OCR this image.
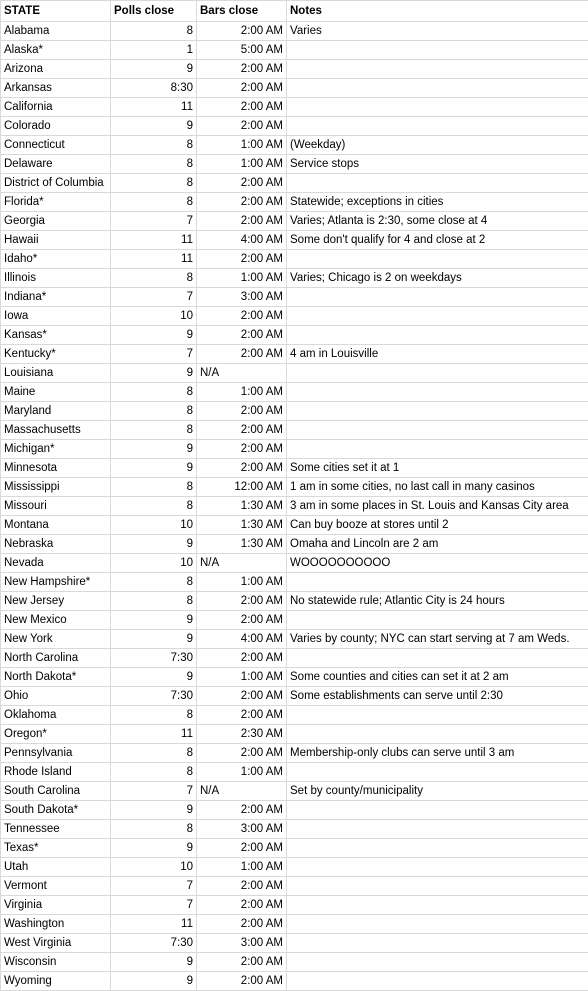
STATE	Polls close	Bars close	Notes
Alabama	8	2:00 AM	Varies
Alaska*	1	5:00 AM	
Arizona	9	2:00 AM	
Arkansas	8:30	2:00 AM	
California	11	2:00 AM	
Colorado	9	2:00 AM	
Connecticut	8	1:00 AM	(Weekday)
Delaware	8	1:00 AM	Service stops
District of Columbia	8	2:00 AM	
Florida*	8	2:00 AM	Statewide; exceptions in cities
Georgia	7	2:00 AM	Varies; Atlanta is 2:30, some close at 4
Hawaii	11	4:00 AM	Some don't qualify for 4 and close at 2
Idaho*	11	2:00 AM	
Illinois	8	1:00 AM	Varies; Chicago is 2 on weekdays
Indiana*	7	3:00 AM	
Iowa	10	2:00 AM	
Kansas*	9	2:00 AM	
Kentucky*	7	2:00 AM	4 am in Louisville
Louisiana	9	N/A	
Maine	8	1:00 AM	
Maryland	8	2:00 AM	
Massachusetts	8	2:00 AM	
Michigan*	9	2:00 AM	
Minnesota	9	2:00 AM	Some cities set it at 1
Mississippi	8	12:00 AM	1 am in some cities, no last call in many casinos
Missouri	8	1:30 AM	3 am in some places in St. Louis and Kansas City area
Montana	10	1:30 AM	Can buy booze at stores until 2
Nebraska	9	1:30 AM	Omaha and Lincoln are 2 am
Nevada	10	N/A	WOOOOOOOOOO
New Hampshire*	8	1:00 AM	
New Jersey	8	2:00 AM	No statewide rule; Atlantic City is 24 hours
New Mexico	9	2:00 AM	
New York	9	4:00 AM	Varies by county; NYC can start serving at 7 am Weds.
North Carolina	7:30	2:00 AM	
North Dakota*	9	1:00 AM	Some counties and cities can set it at 2 am
Ohio	7:30	2:00 AM	Some establishments can serve until 2:30
Oklahoma	8	2:00 AM	
Oregon*	11	2:30 AM	
Pennsylvania	8	2:00 AM	Membership-only clubs can serve until 3 am
Rhode Island	8	1:00 AM	
South Carolina	7	N/A	Set by county/municipality
South Dakota*	9	2:00 AM	
Tennessee	8	3:00 AM	
Texas*	9	2:00 AM	
Utah	10	1:00 AM	
Vermont	7	2:00 AM	
Virginia	7	2:00 AM	
Washington	11	2:00 AM	
West Virginia	7:30	3:00 AM	
Wisconsin	9	2:00 AM	
Wyoming	9	2:00 AM	
